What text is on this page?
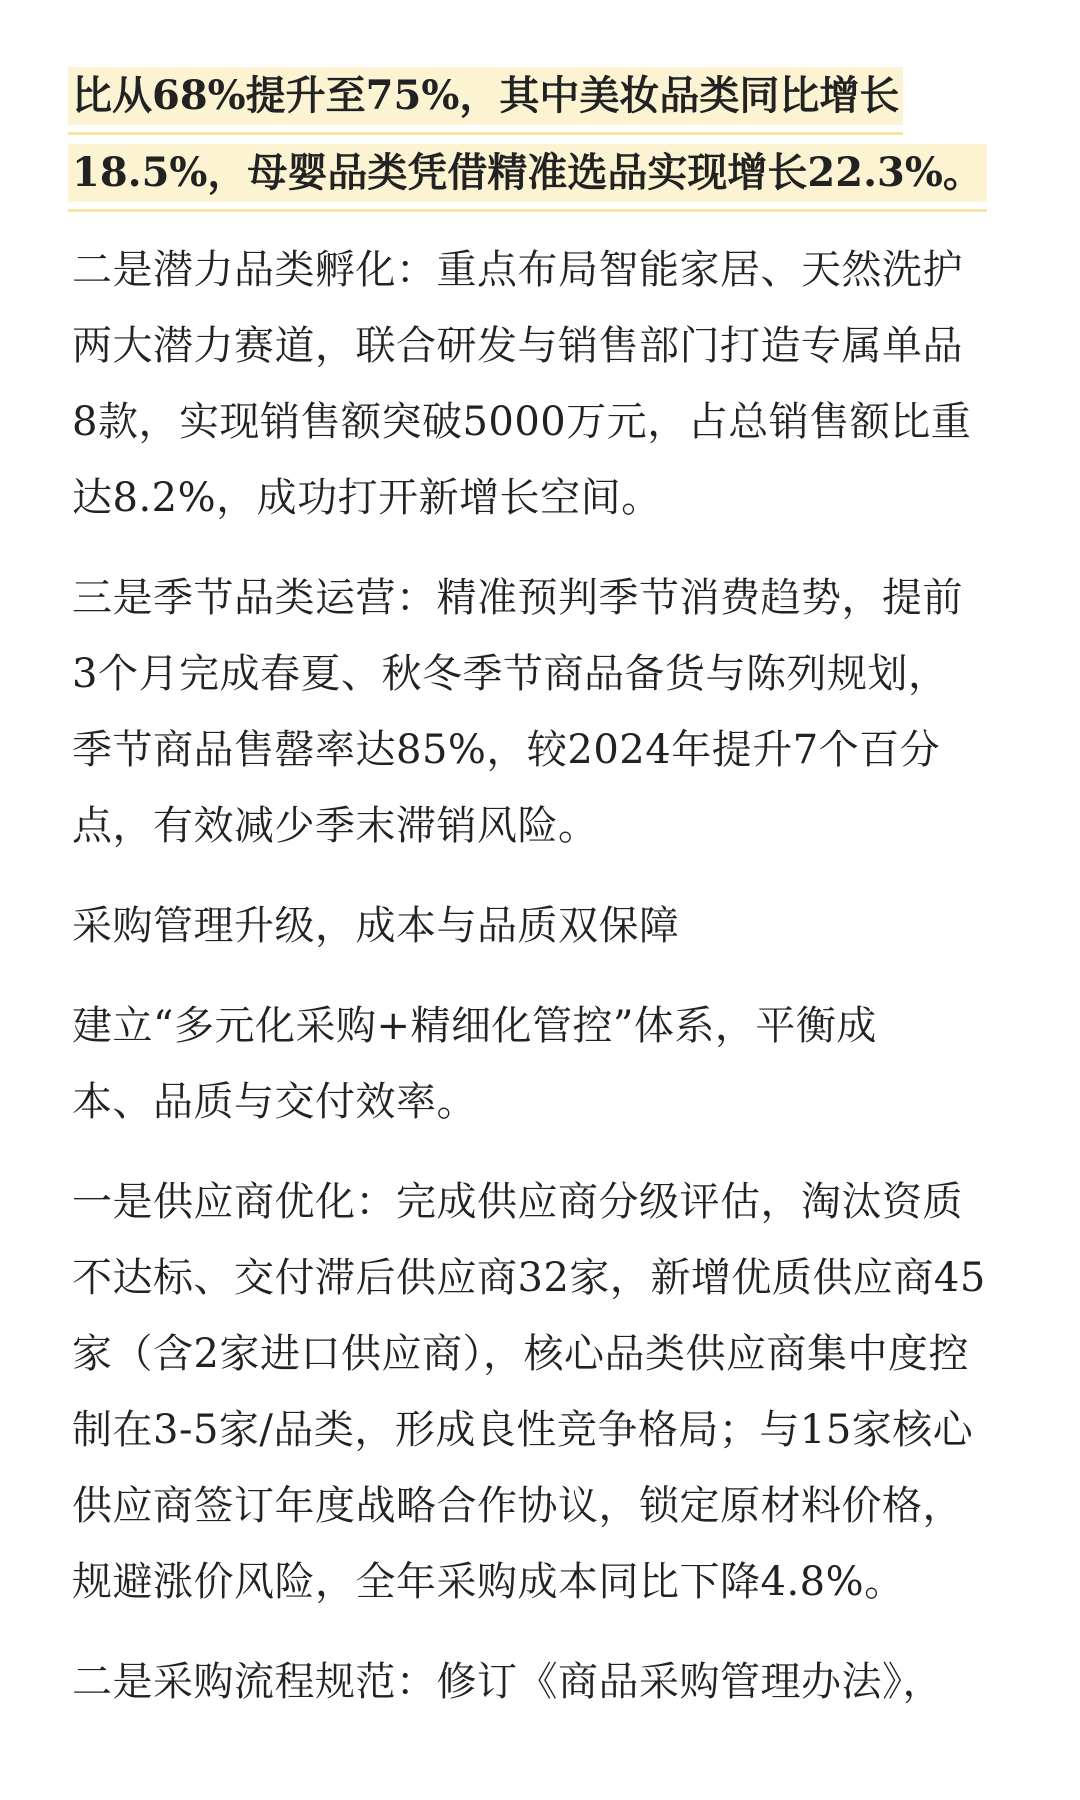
比从68%提升至75%，其中美妆品类同比增长
18.5%，母婴品类凭借精准选品实现增长22.3%。
二是潜力品类孵化：重点布局智能家居、天然洗护
两大潜力赛道，联合研发与销售部门打造专属单品
8款，实现销售额突破5000万元，占总销售额比重
达8.2%，成功打开新增长空间。
三是季节品类运营：精准预判季节消费趋势，提前
3个月完成春夏、秋冬季节商品备货与陈列规划，
季节商品售罄率达85%，较2024年提升7个百分
点，有效减少季末滞销风险。
采购管理升级，成本与品质双保障
建立“多元化采购+精细化管控”体系，平衡成
本、品质与交付效率。
一是供应商优化：完成供应商分级评估，淘汰资质
不达标、交付滞后供应商32家，新增优质供应商45
家（含2家进口供应商），核心品类供应商集中度控
制在3-5家/品类，形成良性竞争格局；与15家核心
供应商签订年度战略合作协议，锁定原材料价格，
规避涨价风险，全年采购成本同比下降4.8%。
二是采购流程规范：修订《商品采购管理办法》，
